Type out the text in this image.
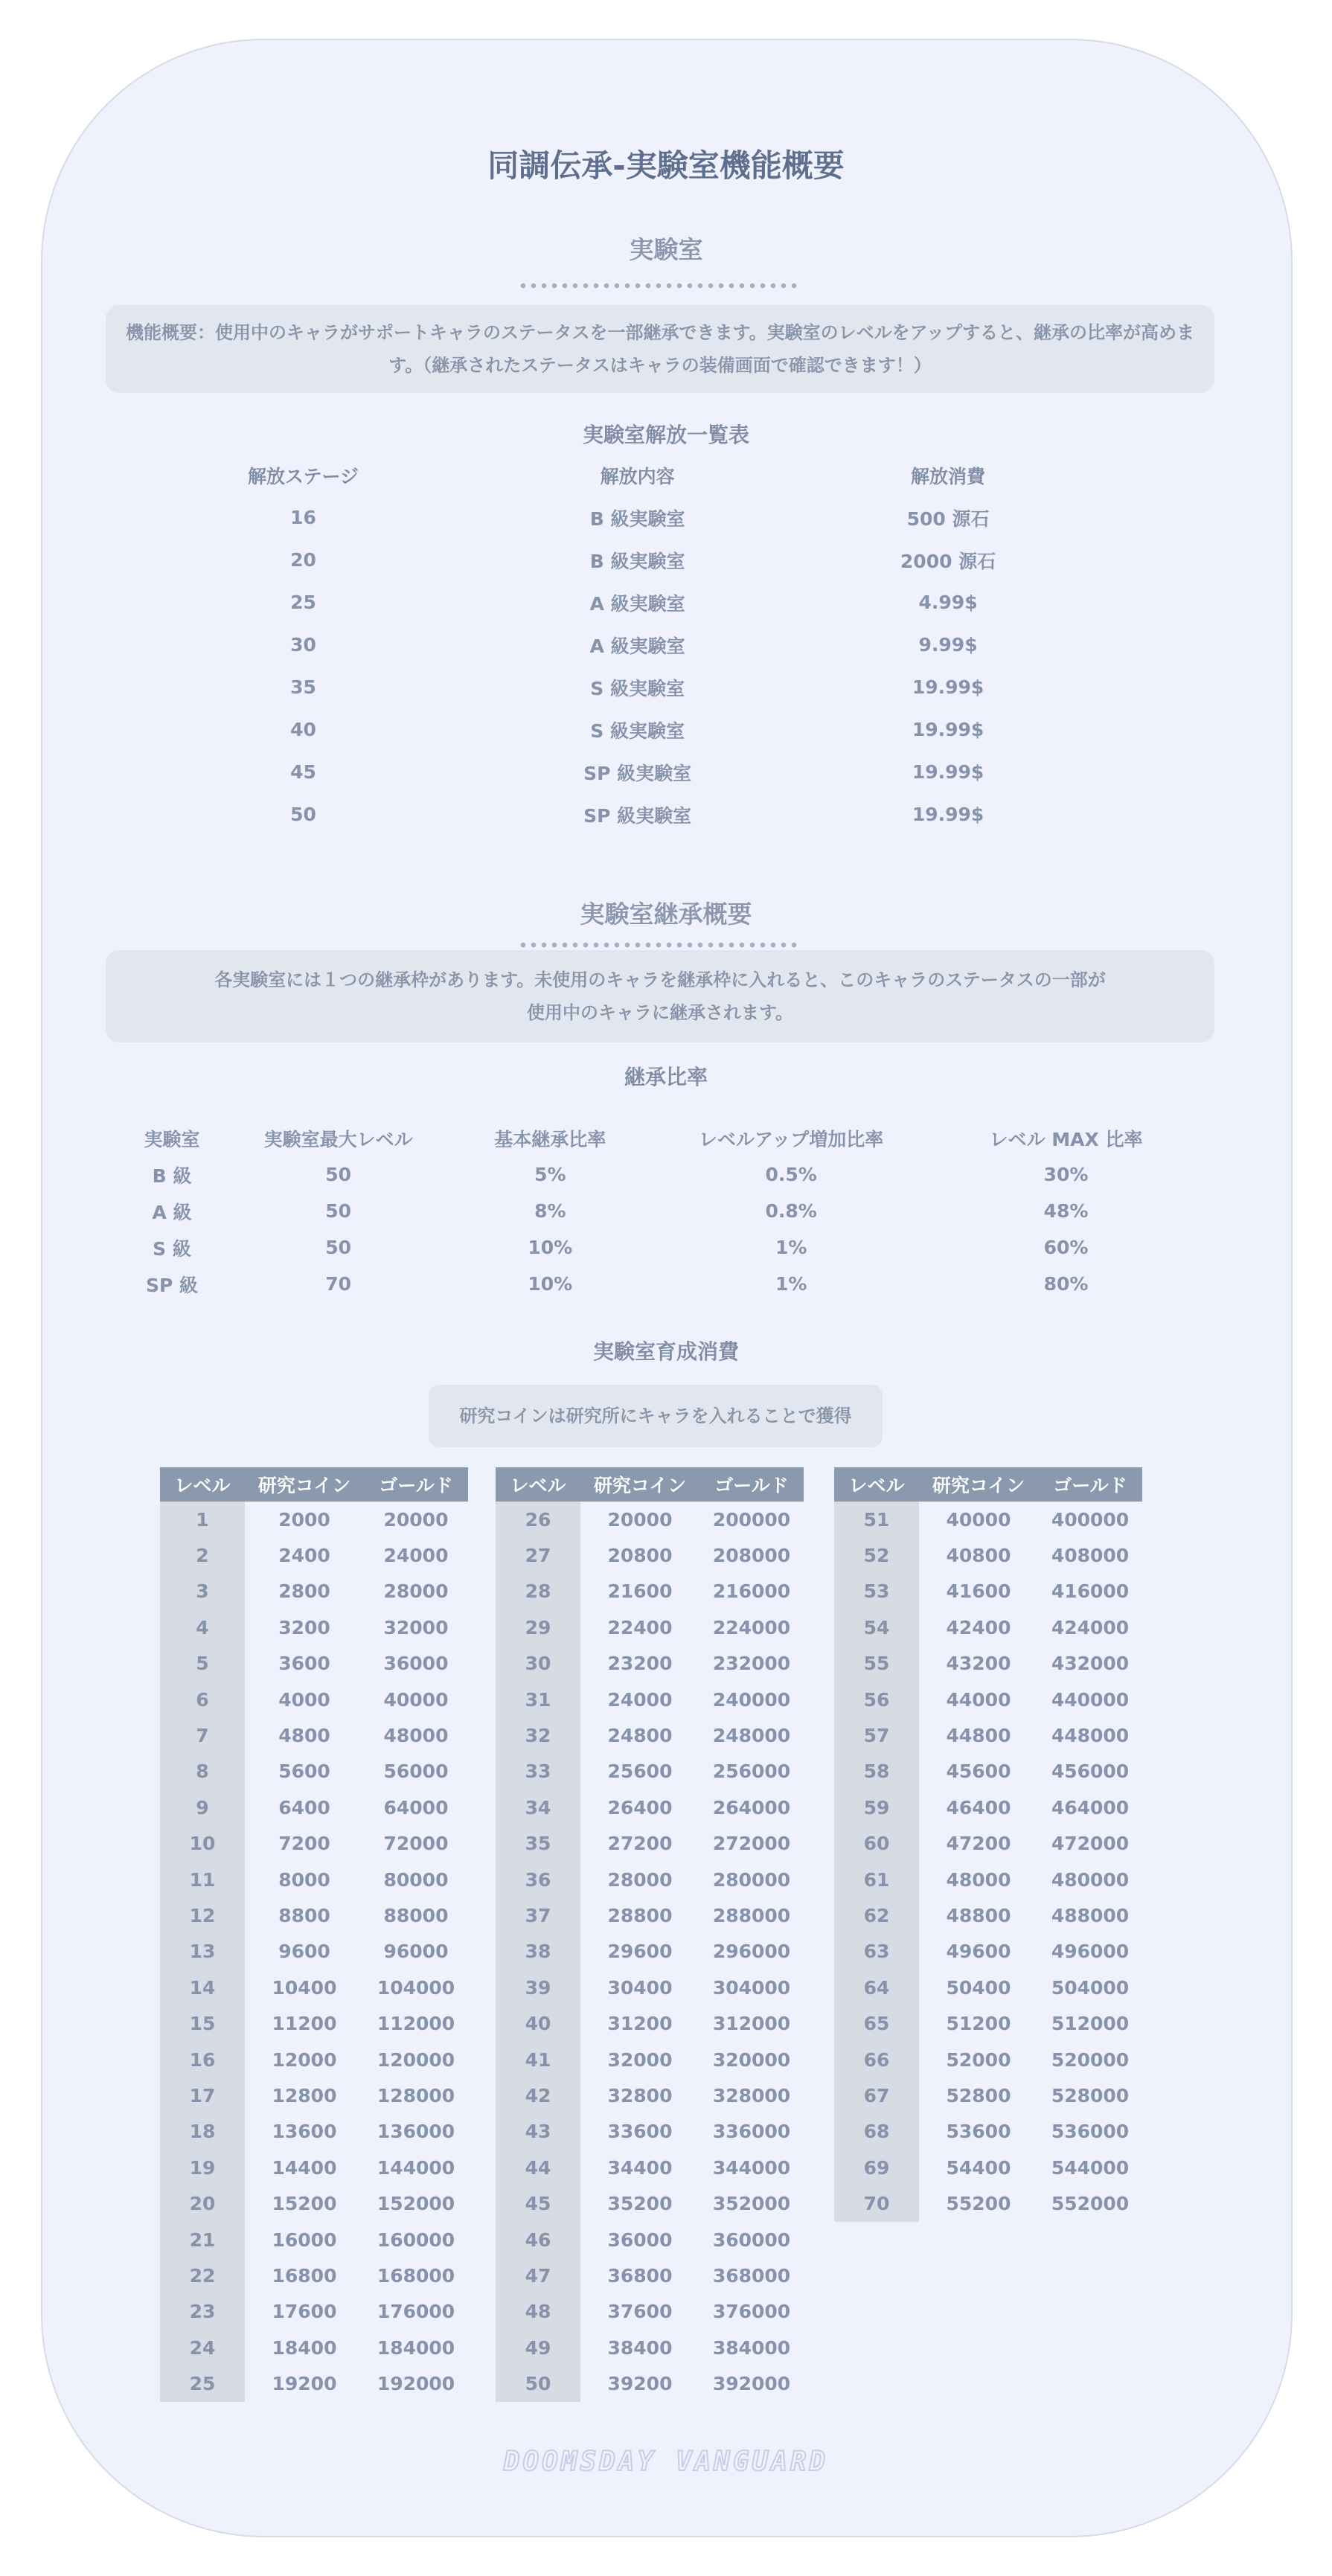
同調伝承-実験室機能概要
実験室
機能概要：使用中のキャラがサポートキャラのステータスを一部継承できます。実験室のレベルをアップすると、継承の比率が高めます。（継承されたステータスはキャラの装備画面で確認できます！）
実験室解放一覧表
解放ステージ	解放内容	解放消費
16	B 級実験室	500 源石
20	B 級実験室	2000 源石
25	A 級実験室	4.99$
30	A 級実験室	9.99$
35	S 級実験室	19.99$
40	S 級実験室	19.99$
45	SP 級実験室	19.99$
50	SP 級実験室	19.99$
実験室継承概要
各実験室には１つの継承枠があります。未使用のキャラを継承枠に入れると、このキャラのステータスの一部が
使用中のキャラに継承されます。
継承比率
実験室	実験室最大レベル	基本継承比率	レベルアップ増加比率	レベル MAX 比率
B 級	50	5%	0.5%	30%
A 級	50	8%	0.8%	48%
S 級	50	10%	1%	60%
SP 級	70	10%	1%	80%
実験室育成消費
研究コインは研究所にキャラを入れることで獲得
レベル	研究コイン	ゴールド
1	2000	20000
2	2400	24000
3	2800	28000
4	3200	32000
5	3600	36000
6	4000	40000
7	4800	48000
8	5600	56000
9	6400	64000
10	7200	72000
11	8000	80000
12	8800	88000
13	9600	96000
14	10400	104000
15	11200	112000
16	12000	120000
17	12800	128000
18	13600	136000
19	14400	144000
20	15200	152000
21	16000	160000
22	16800	168000
23	17600	176000
24	18400	184000
25	19200	192000
レベル	研究コイン	ゴールド
26	20000	200000
27	20800	208000
28	21600	216000
29	22400	224000
30	23200	232000
31	24000	240000
32	24800	248000
33	25600	256000
34	26400	264000
35	27200	272000
36	28000	280000
37	28800	288000
38	29600	296000
39	30400	304000
40	31200	312000
41	32000	320000
42	32800	328000
43	33600	336000
44	34400	344000
45	35200	352000
46	36000	360000
47	36800	368000
48	37600	376000
49	38400	384000
50	39200	392000
レベル	研究コイン	ゴールド
51	40000	400000
52	40800	408000
53	41600	416000
54	42400	424000
55	43200	432000
56	44000	440000
57	44800	448000
58	45600	456000
59	46400	464000
60	47200	472000
61	48000	480000
62	48800	488000
63	49600	496000
64	50400	504000
65	51200	512000
66	52000	520000
67	52800	528000
68	53600	536000
69	54400	544000
70	55200	552000
DOOMSDAY VANGUARD
